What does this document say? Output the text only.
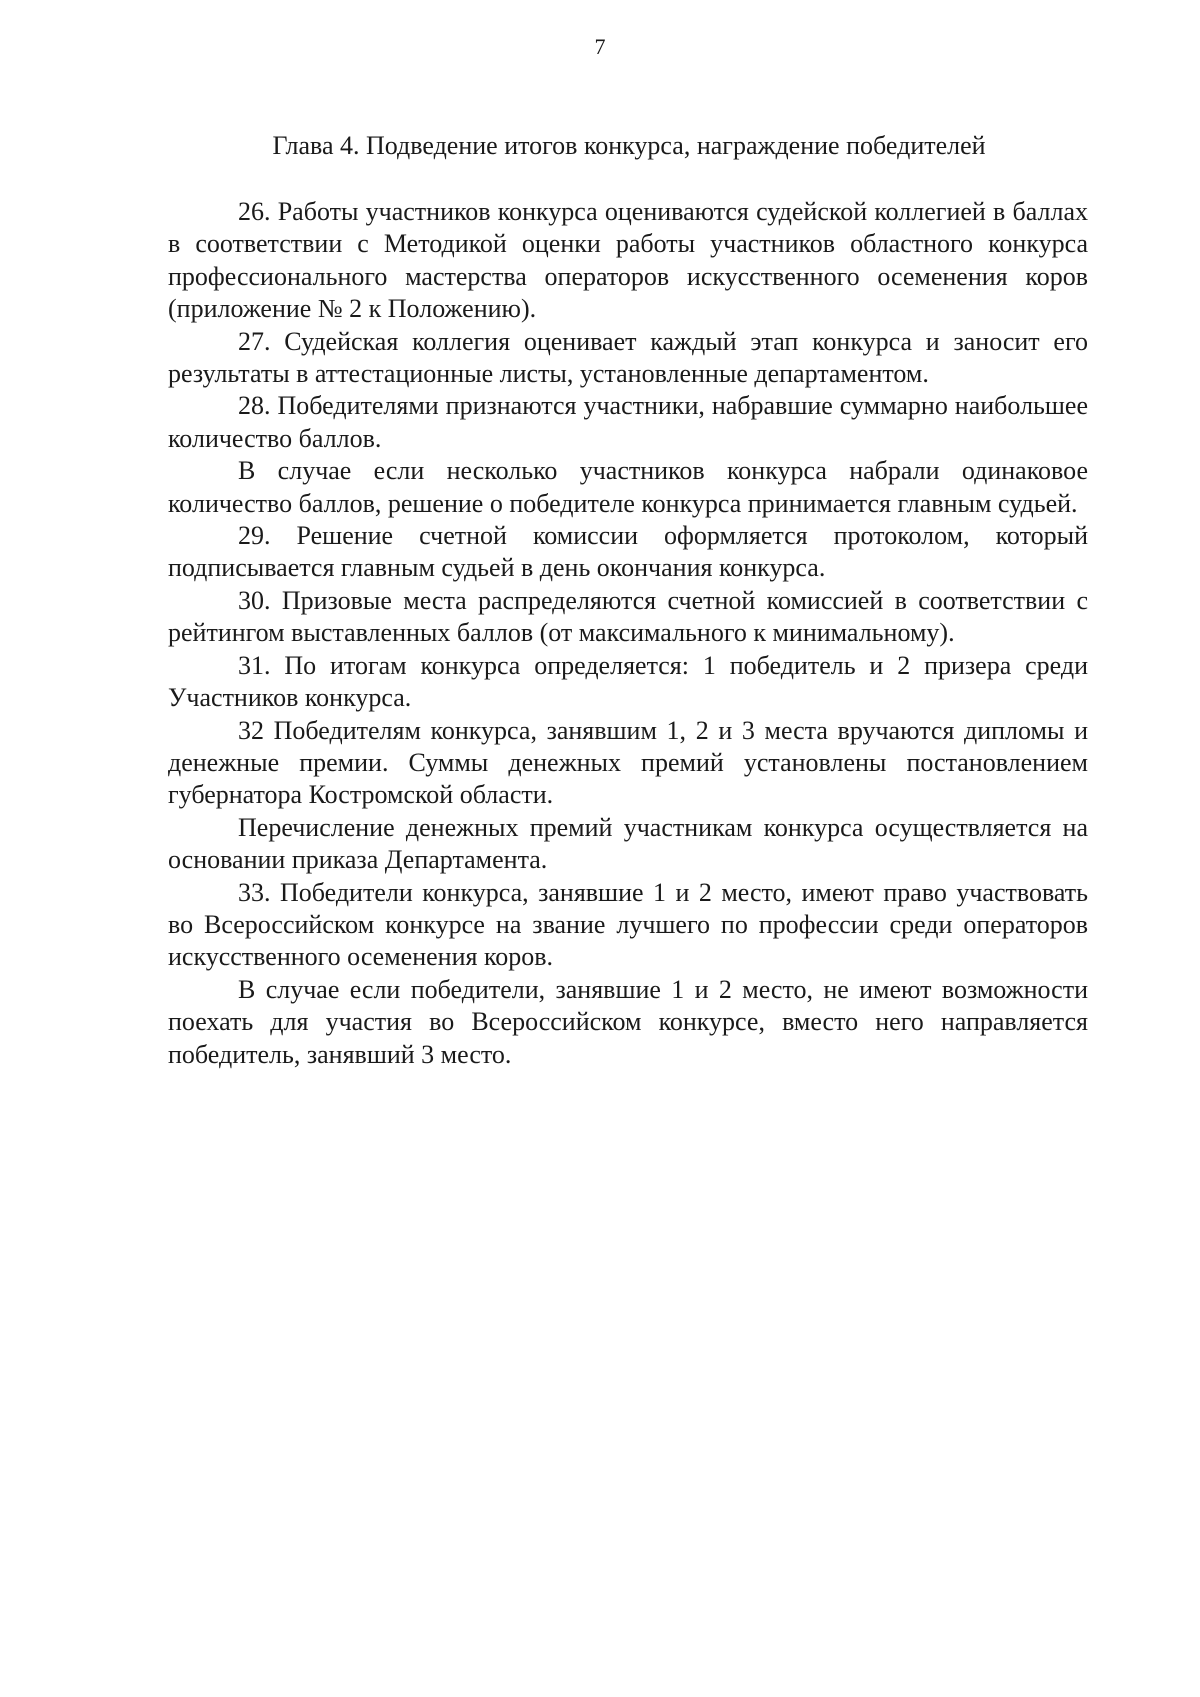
7
Глава 4. Подведение итогов конкурса, награждение победителей

26. Работы участников конкурса оцениваются судейской коллегией в баллах в соответствии с Методикой оценки работы участников областного конкурса профессионального мастерства операторов искусственного осеменения коров (приложение № 2 к Положению).

27. Судейская коллегия оценивает каждый этап конкурса и заносит его результаты в аттестационные листы, установленные департаментом.

28. Победителями признаются участники, набравшие суммарно наибольшее количество баллов.

В случае если несколько участников конкурса набрали одинаковое количество баллов, решение о победителе конкурса принимается главным судьей.

29. Решение счетной комиссии оформляется протоколом, который подписывается главным судьей в день окончания конкурса.

30. Призовые места распределяются счетной комиссией в соответствии с рейтингом выставленных баллов (от максимального к минимальному).

31. По итогам конкурса определяется: 1 победитель и 2 призера среди Участников конкурса.

32 Победителям конкурса, занявшим 1, 2 и 3 места вручаются дипломы и денежные премии. Суммы денежных премий установлены постановлением губернатора Костромской области.

Перечисление денежных премий участникам конкурса осуществляется на основании приказа Департамента.

33. Победители конкурса, занявшие 1 и 2 место, имеют право участвовать во Всероссийском конкурсе на звание лучшего по профессии среди операторов искусственного осеменения коров.

В случае если победители, занявшие 1 и 2 место, не имеют возможности поехать для участия во Всероссийском конкурсе, вместо него направляется победитель, занявший 3 место.
